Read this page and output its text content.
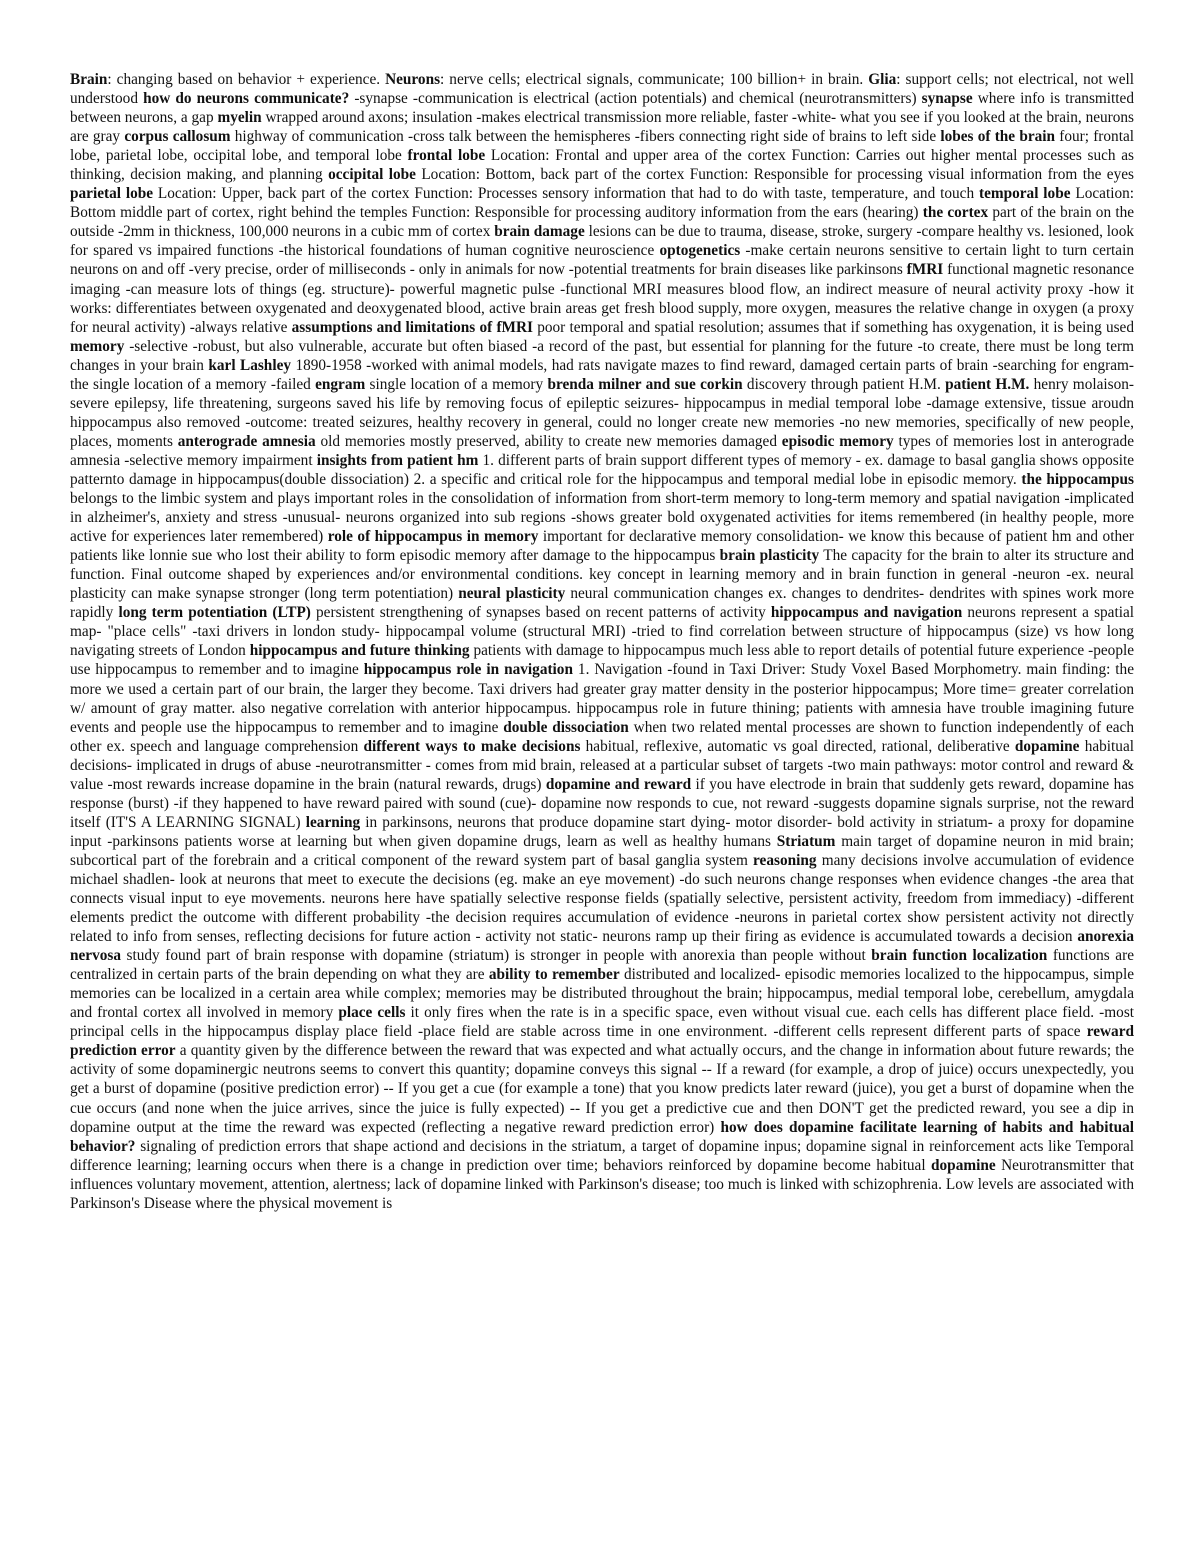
Brain: changing based on behavior + experience. Neurons: nerve cells; electrical signals, communicate; 100 billion+ in brain. Glia: support cells; not electrical, not well understood how do neurons communicate? -synapse -communication is electrical (action potentials) and chemical (neurotransmitters) synapse where info is transmitted between neurons, a gap myelin wrapped around axons; insulation -makes electrical transmission more reliable, faster -white- what you see if you looked at the brain, neurons are gray corpus callosum highway of communication -cross talk between the hemispheres -fibers connecting right side of brains to left side lobes of the brain four; frontal lobe, parietal lobe, occipital lobe, and temporal lobe frontal lobe Location: Frontal and upper area of the cortex Function: Carries out higher mental processes such as thinking, decision making, and planning occipital lobe Location: Bottom, back part of the cortex Function: Responsible for processing visual information from the eyes parietal lobe Location: Upper, back part of the cortex Function: Processes sensory information that had to do with taste, temperature, and touch temporal lobe Location: Bottom middle part of cortex, right behind the temples Function: Responsible for processing auditory information from the ears (hearing) the cortex part of the brain on the outside -2mm in thickness, 100,000 neurons in a cubic mm of cortex brain damage lesions can be due to trauma, disease, stroke, surgery -compare healthy vs. lesioned, look for spared vs impaired functions -the historical foundations of human cognitive neuroscience optogenetics -make certain neurons sensitive to certain light to turn certain neurons on and off -very precise, order of milliseconds - only in animals for now -potential treatments for brain diseases like parkinsons fMRI functional magnetic resonance imaging -can measure lots of things (eg. structure)- powerful magnetic pulse -functional MRI measures blood flow, an indirect measure of neural activity proxy -how it works: differentiates between oxygenated and deoxygenated blood, active brain areas get fresh blood supply, more oxygen, measures the relative change in oxygen (a proxy for neural activity) -always relative assumptions and limitations of fMRI poor temporal and spatial resolution; assumes that if something has oxygenation, it is being used memory -selective -robust, but also vulnerable, accurate but often biased -a record of the past, but essential for planning for the future -to create, there must be long term changes in your brain karl Lashley 1890-1958 -worked with animal models, had rats navigate mazes to find reward, damaged certain parts of brain -searching for engram- the single location of a memory -failed engram single location of a memory brenda milner and sue corkin discovery through patient H.M. patient H.M. henry molaison- severe epilepsy, life threatening, surgeons saved his life by removing focus of epileptic seizures- hippocampus in medial temporal lobe -damage extensive, tissue aroudn hippocampus also removed -outcome: treated seizures, healthy recovery in general, could no longer create new memories -no new memories, specifically of new people, places, moments anterograde amnesia old memories mostly preserved, ability to create new memories damaged episodic memory types of memories lost in anterograde amnesia -selective memory impairment insights from patient hm 1. different parts of brain support different types of memory - ex. damage to basal ganglia shows opposite patternto damage in hippocampus(double dissociation) 2. a specific and critical role for the hippocampus and temporal medial lobe in episodic memory. the hippocampus belongs to the limbic system and plays important roles in the consolidation of information from short-term memory to long-term memory and spatial navigation -implicated in alzheimer's, anxiety and stress -unusual- neurons organized into sub regions -shows greater bold oxygenated activities for items remembered (in healthy people, more active for experiences later remembered) role of hippocampus in memory important for declarative memory consolidation- we know this because of patient hm and other patients like lonnie sue who lost their ability to form episodic memory after damage to the hippocampus brain plasticity The capacity for the brain to alter its structure and function. Final outcome shaped by experiences and/or environmental conditions. key concept in learning memory and in brain function in general -neuron -ex. neural plasticity can make synapse stronger (long term potentiation) neural plasticity neural communication changes ex. changes to dendrites- dendrites with spines work more rapidly long term potentiation (LTP) persistent strengthening of synapses based on recent patterns of activity hippocampus and navigation neurons represent a spatial map- "place cells" -taxi drivers in london study- hippocampal volume (structural MRI) -tried to find correlation between structure of hippocampus (size) vs how long navigating streets of London hippocampus and future thinking patients with damage to hippocampus much less able to report details of potential future experience -people use hippocampus to remember and to imagine hippocampus role in navigation 1. Navigation -found in Taxi Driver: Study Voxel Based Morphometry. main finding: the more we used a certain part of our brain, the larger they become. Taxi drivers had greater gray matter density in the posterior hippocampus; More time= greater correlation w/ amount of gray matter. also negative correlation with anterior hippocampus. hippocampus role in future thining; patients with amnesia have trouble imagining future events and people use the hippocampus to remember and to imagine double dissociation when two related mental processes are shown to function independently of each other ex. speech and language comprehension different ways to make decisions habitual, reflexive, automatic vs goal directed, rational, deliberative dopamine habitual decisions- implicated in drugs of abuse -neurotransmitter - comes from mid brain, released at a particular subset of targets -two main pathways: motor control and reward & value -most rewards increase dopamine in the brain (natural rewards, drugs) dopamine and reward if you have electrode in brain that suddenly gets reward, dopamine has response (burst) -if they happened to have reward paired with sound (cue)- dopamine now responds to cue, not reward -suggests dopamine signals surprise, not the reward itself (IT'S A LEARNING SIGNAL) learning in parkinsons, neurons that produce dopamine start dying- motor disorder- bold activity in striatum- a proxy for dopamine input -parkinsons patients worse at learning but when given dopamine drugs, learn as well as healthy humans Striatum main target of dopamine neuron in mid brain; subcortical part of the forebrain and a critical component of the reward system part of basal ganglia system reasoning many decisions involve accumulation of evidence michael shadlen- look at neurons that meet to execute the decisions (eg. make an eye movement) -do such neurons change responses when evidence changes -the area that connects visual input to eye movements. neurons here have spatially selective response fields (spatially selective, persistent activity, freedom from immediacy) -different elements predict the outcome with different probability -the decision requires accumulation of evidence -neurons in parietal cortex show persistent activity not directly related to info from senses, reflecting decisions for future action - activity not static- neurons ramp up their firing as evidence is accumulated towards a decision anorexia nervosa study found part of brain response with dopamine (striatum) is stronger in people with anorexia than people without brain function localization functions are centralized in certain parts of the brain depending on what they are ability to remember distributed and localized- episodic memories localized to the hippocampus, simple memories can be localized in a certain area while complex; memories may be distributed throughout the brain; hippocampus, medial temporal lobe, cerebellum, amygdala and frontal cortex all involved in memory place cells it only fires when the rate is in a specific space, even without visual cue. each cells has different place field. -most principal cells in the hippocampus display place field -place field are stable across time in one environment. -different cells represent different parts of space reward prediction error a quantity given by the difference between the reward that was expected and what actually occurs, and the change in information about future rewards; the activity of some dopaminergic neutrons seems to convert this quantity; dopamine conveys this signal -- If a reward (for example, a drop of juice) occurs unexpectedly, you get a burst of dopamine (positive prediction error) -- If you get a cue (for example a tone) that you know predicts later reward (juice), you get a burst of dopamine when the cue occurs (and none when the juice arrives, since the juice is fully expected) -- If you get a predictive cue and then DON'T get the predicted reward, you see a dip in dopamine output at the time the reward was expected (reflecting a negative reward prediction error) how does dopamine facilitate learning of habits and habitual behavior? signaling of prediction errors that shape actiond and decisions in the striatum, a target of dopamine inpus; dopamine signal in reinforcement acts like Temporal difference learning; learning occurs when there is a change in prediction over time; behaviors reinforced by dopamine become habitual dopamine Neurotransmitter that influences voluntary movement, attention, alertness; lack of dopamine linked with Parkinson's disease; too much is linked with schizophrenia. Low levels are associated with Parkinson's Disease where the physical movement is
